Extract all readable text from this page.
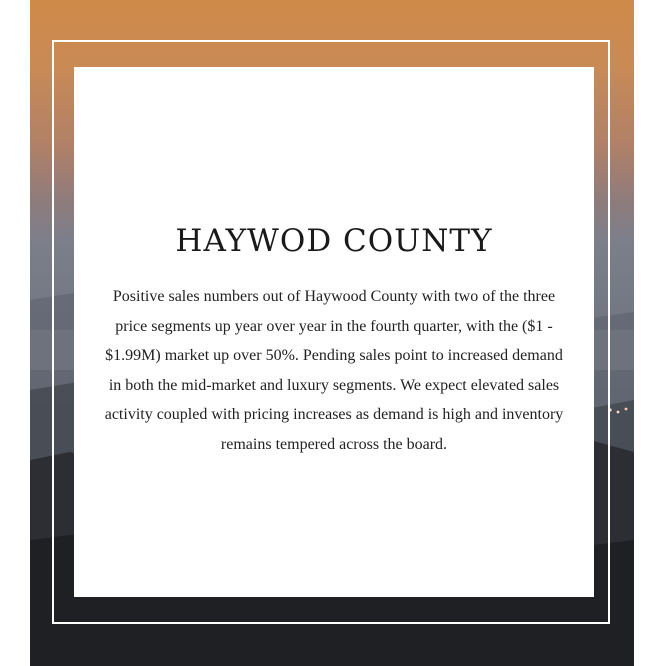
HAYWOD COUNTY

Positive sales numbers out of Haywood County with two of the three price segments up year over year in the fourth quarter, with the ($1 - $1.99M) market up over 50%. Pending sales point to increased demand in both the mid-market and luxury segments. We expect elevated sales activity coupled with pricing increases as demand is high and inventory remains tempered across the board.
